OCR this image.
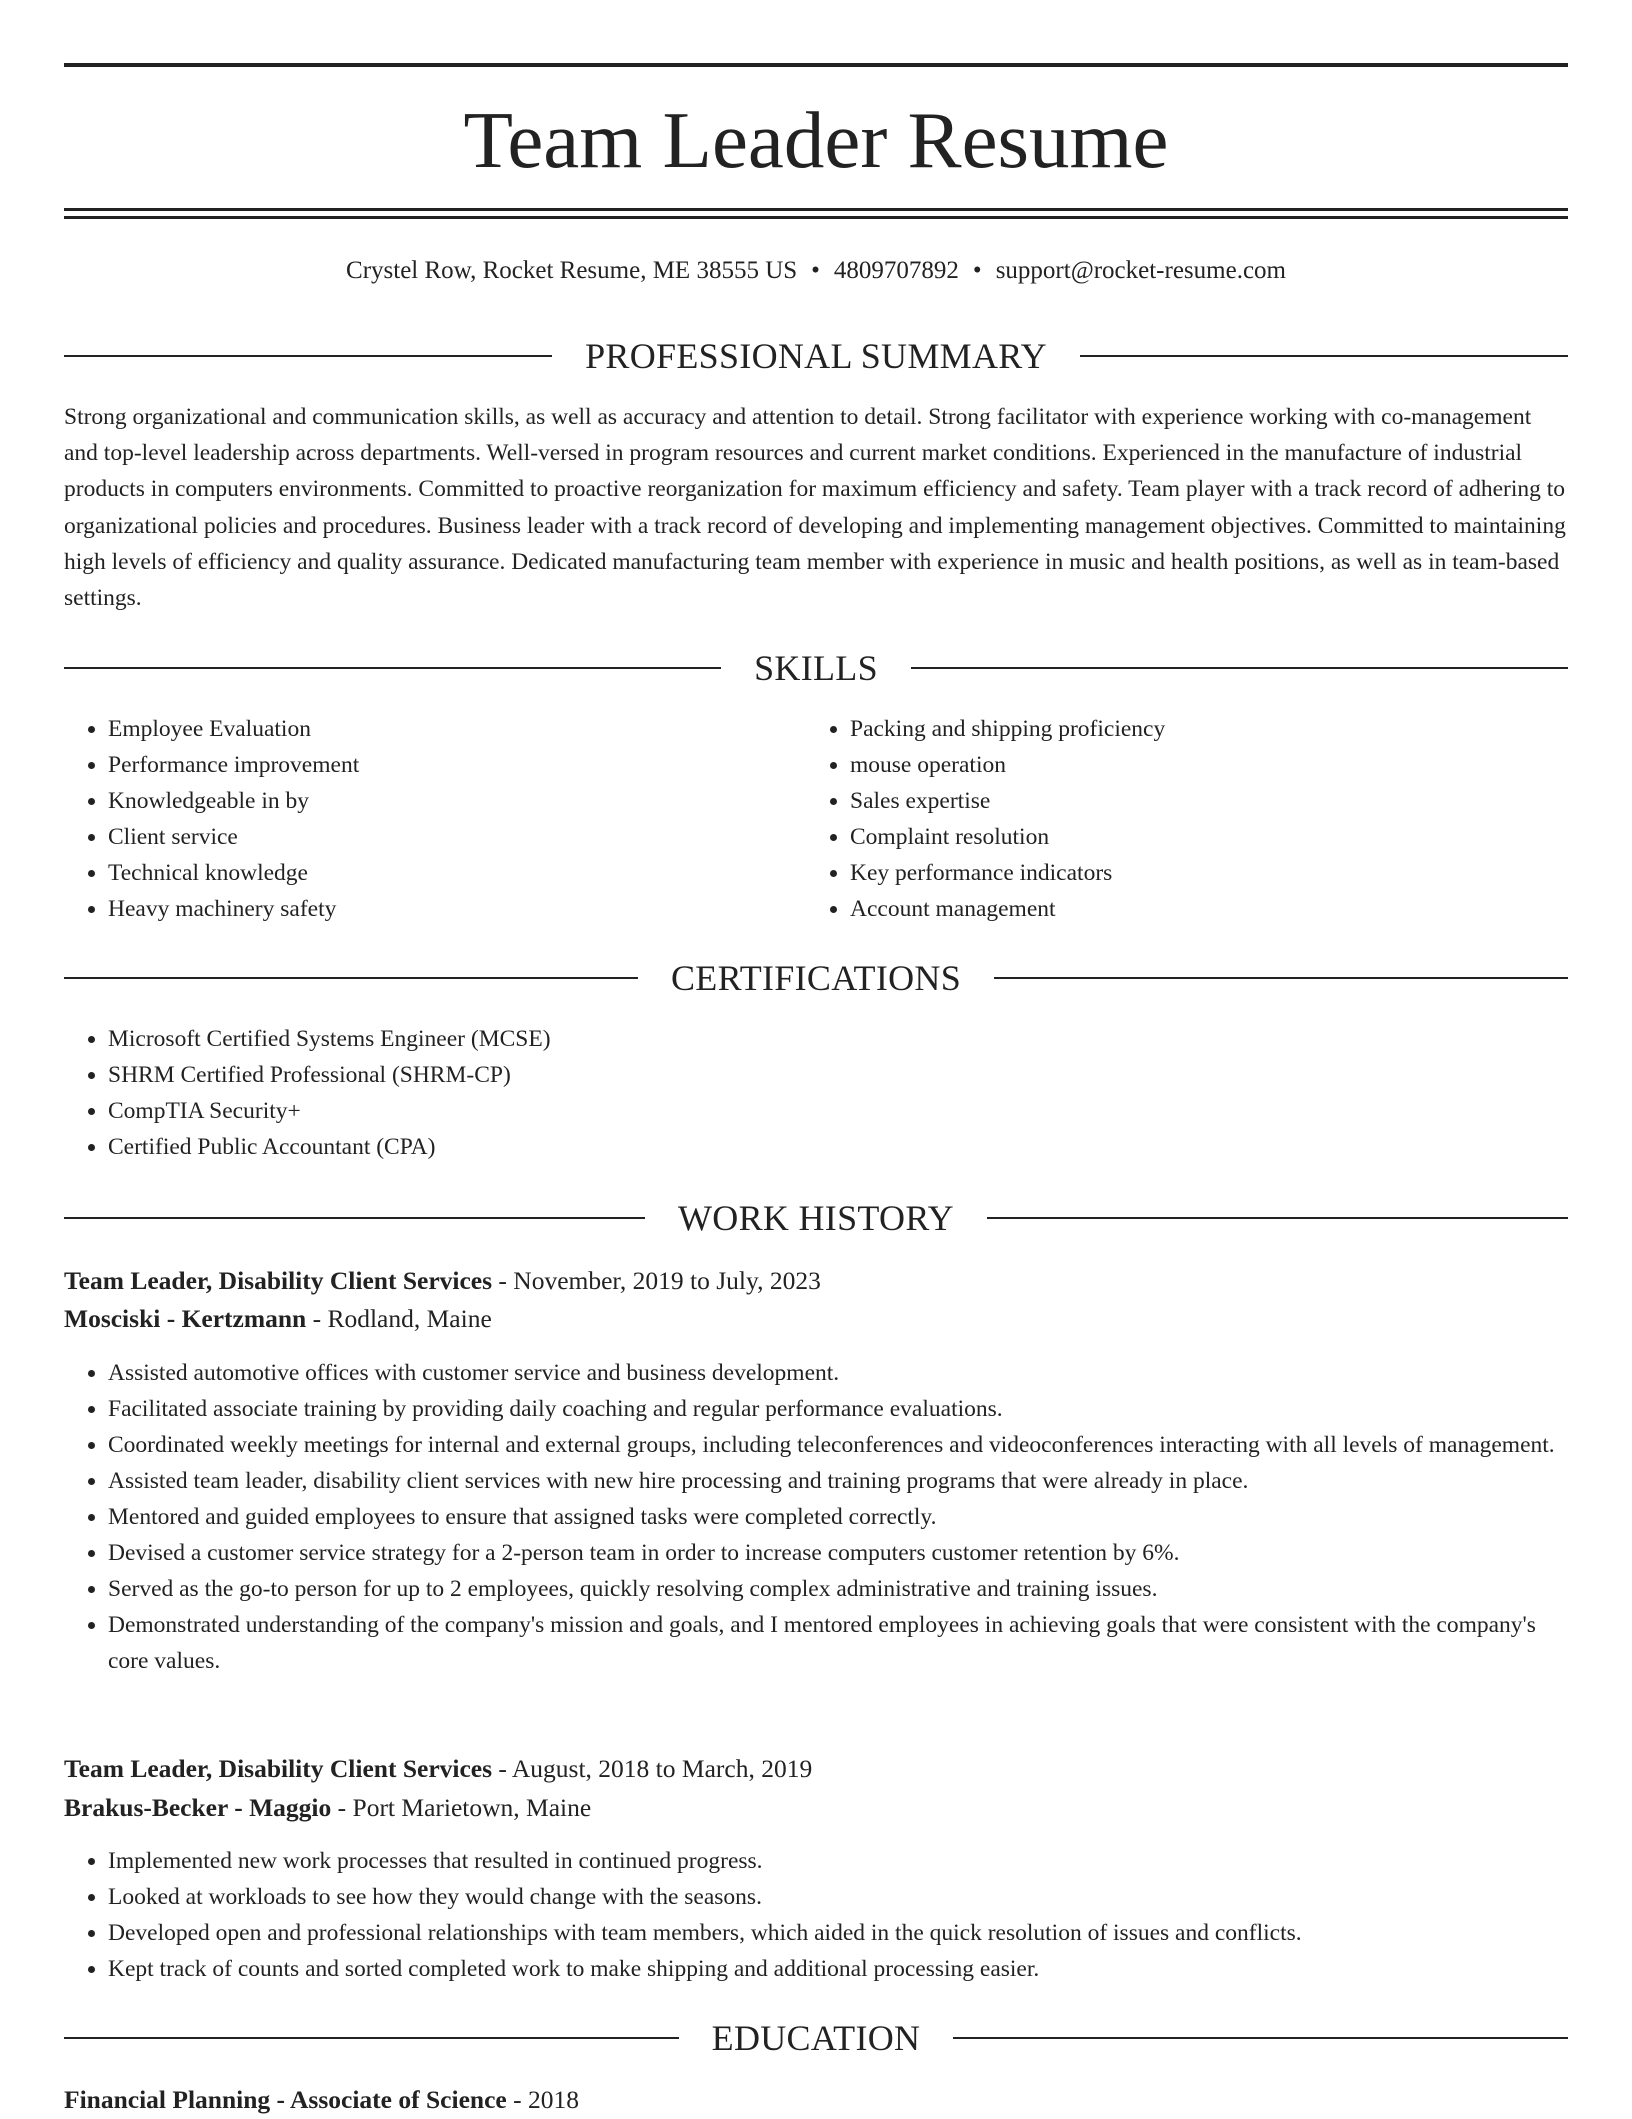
Team Leader Resume
Crystel Row, Rocket Resume, ME 38555 US • 4809707892 • support@rocket-resume.com
PROFESSIONAL SUMMARY

Strong organizational and communication skills, as well as accuracy and attention to detail. Strong facilitator with experience working with co-management and top-level leadership across departments. Well-versed in program resources and current market conditions. Experienced in the manufacture of industrial products in computers environments. Committed to proactive reorganization for maximum efficiency and safety. Team player with a track record of adhering to organizational policies and procedures. Business leader with a track record of developing and implementing management objectives. Committed to maintaining high levels of efficiency and quality assurance. Dedicated manufacturing team member with experience in music and health positions, as well as in team-based settings.

SKILLS
• Employee Evaluation
• Performance improvement
• Knowledgeable in by
• Client service
• Technical knowledge
• Heavy machinery safety
• Packing and shipping proficiency
• mouse operation
• Sales expertise
• Complaint resolution
• Key performance indicators
• Account management
CERTIFICATIONS
• Microsoft Certified Systems Engineer (MCSE)
• SHRM Certified Professional (SHRM-CP)
• CompTIA Security+
• Certified Public Accountant (CPA)
WORK HISTORY
Team Leader, Disability Client Services - November, 2019 to July, 2023
Mosciski - Kertzmann - Rodland, Maine
• Assisted automotive offices with customer service and business development.
• Facilitated associate training by providing daily coaching and regular performance evaluations.
• Coordinated weekly meetings for internal and external groups, including teleconferences and videoconferences interacting with all levels of management.
• Assisted team leader, disability client services with new hire processing and training programs that were already in place.
• Mentored and guided employees to ensure that assigned tasks were completed correctly.
• Devised a customer service strategy for a 2-person team in order to increase computers customer retention by 6%.
• Served as the go-to person for up to 2 employees, quickly resolving complex administrative and training issues.
• Demonstrated understanding of the company's mission and goals, and I mentored employees in achieving goals that were consistent with the company's core values.
Team Leader, Disability Client Services - August, 2018 to March, 2019
Brakus-Becker - Maggio - Port Marietown, Maine
• Implemented new work processes that resulted in continued progress.
• Looked at workloads to see how they would change with the seasons.
• Developed open and professional relationships with team members, which aided in the quick resolution of issues and conflicts.
• Kept track of counts and sorted completed work to make shipping and additional processing easier.
EDUCATION
Financial Planning - Associate of Science - 2018
